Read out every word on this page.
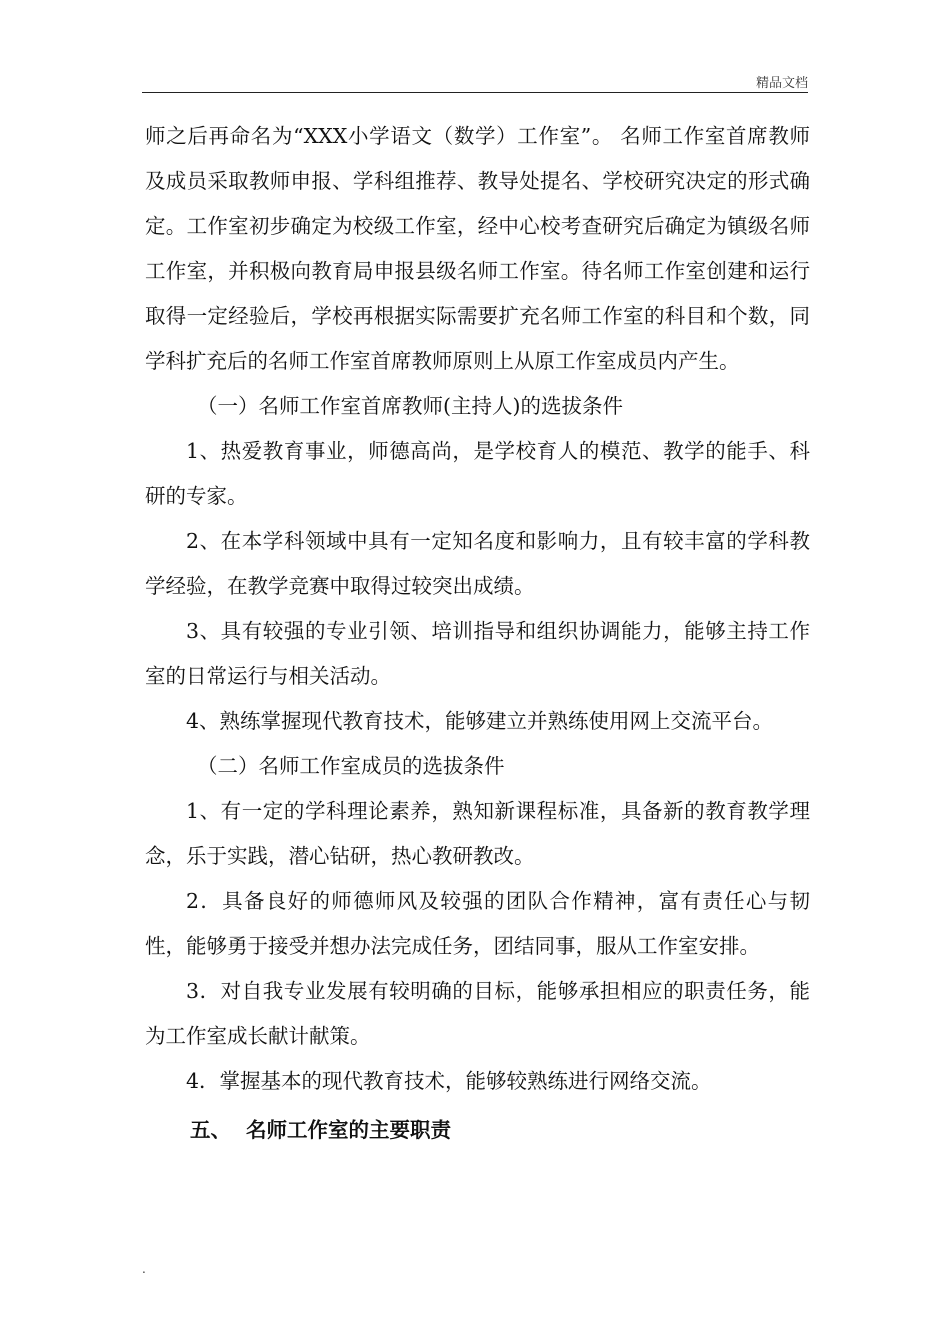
精品文档

师之后再命名为“XXX小学语文（数学）工作室”。 名师工作室首席教师及成员采取教师申报、学科组推荐、教导处提名、学校研究决定的形式确定。工作室初步确定为校级工作室，经中心校考查研究后确定为镇级名师工作室，并积极向教育局申报县级名师工作室。待名师工作室创建和运行取得一定经验后，学校再根据实际需要扩充名师工作室的科目和个数，同学科扩充后的名师工作室首席教师原则上从原工作室成员内产生。

（一）名师工作室首席教师(主持人)的选拔条件

1、热爱教育事业，师德高尚，是学校育人的模范、教学的能手、科研的专家。

2、在本学科领域中具有一定知名度和影响力，且有较丰富的学科教学经验，在教学竞赛中取得过较突出成绩。

3、具有较强的专业引领、培训指导和组织协调能力，能够主持工作室的日常运行与相关活动。

4、熟练掌握现代教育技术，能够建立并熟练使用网上交流平台。

（二）名师工作室成员的选拔条件

1、有一定的学科理论素养，熟知新课程标准，具备新的教育教学理念，乐于实践，潜心钻研，热心教研教改。

2．具备良好的师德师风及较强的团队合作精神，富有责任心与韧性，能够勇于接受并想办法完成任务，团结同事，服从工作室安排。

3．对自我专业发展有较明确的目标，能够承担相应的职责任务，能为工作室成长献计献策。

4．掌握基本的现代教育技术，能够较熟练进行网络交流。

五、 名师工作室的主要职责

.
